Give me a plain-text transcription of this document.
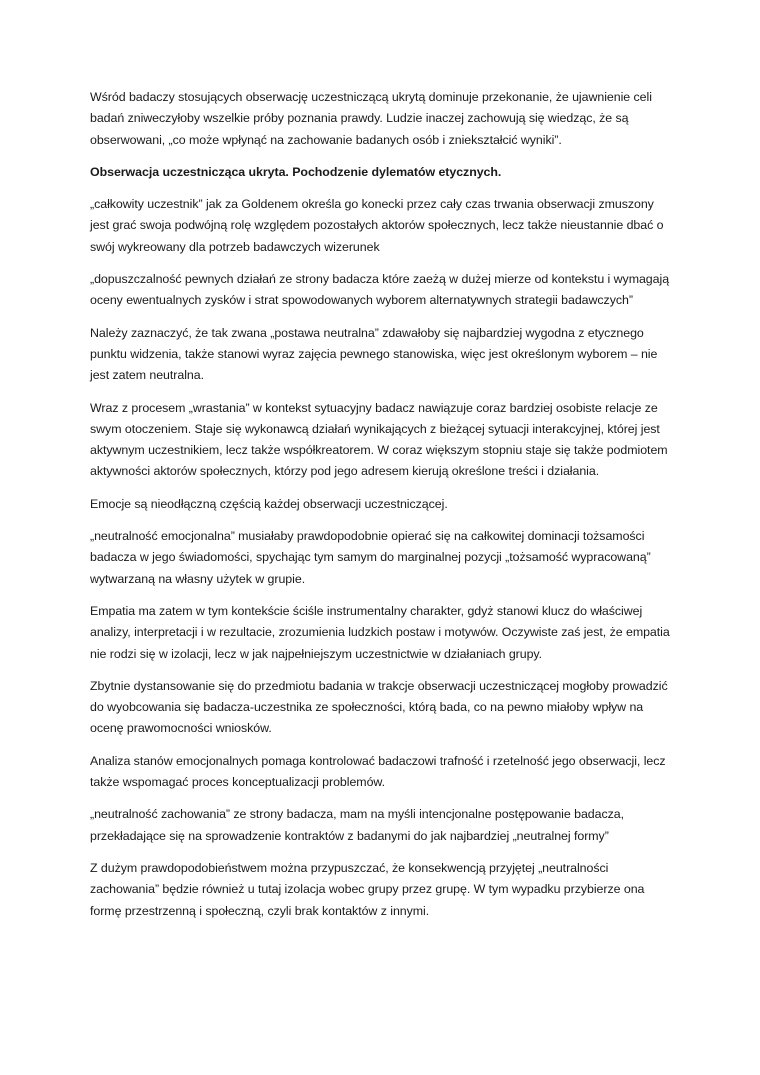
Wśród badaczy stosujących obserwację uczestniczącą ukrytą dominuje przekonanie, że ujawnienie celi badań zniweczyłoby wszelkie próby poznania prawdy. Ludzie inaczej zachowują się wiedząc, że są obserwowani, „co może wpłynąć na zachowanie badanych osób i zniekształcić wyniki”.

Obserwacja uczestnicząca ukryta. Pochodzenie dylematów etycznych.

„całkowity uczestnik” jak za Goldenem określa go konecki przez cały czas trwania obserwacji zmuszony jest grać swoja podwójną rolę względem pozostałych aktorów społecznych, lecz także nieustannie dbać o swój wykreowany dla potrzeb badawczych wizerunek

„dopuszczalność pewnych działań ze strony badacza które zaeżą w dużej mierze od kontekstu i wymagają oceny ewentualnych zysków i strat spowodowanych wyborem alternatywnych strategii badawczych”

Należy zaznaczyć, że tak zwana „postawa neutralna” zdawałoby się najbardziej wygodna z etycznego punktu widzenia, także stanowi wyraz zajęcia pewnego stanowiska, więc jest określonym wyborem – nie jest zatem neutralna.

Wraz z procesem „wrastania” w kontekst sytuacyjny badacz nawiązuje coraz bardziej osobiste relacje ze swym otoczeniem. Staje się wykonawcą działań wynikających z bieżącej sytuacji interakcyjnej, której jest aktywnym uczestnikiem, lecz także współkreatorem. W coraz większym stopniu staje się także podmiotem aktywności aktorów społecznych, którzy pod jego adresem kierują określone treści i działania.

Emocje są nieodłączną częścią każdej obserwacji uczestniczącej.

„neutralność emocjonalna” musiałaby prawdopodobnie opierać się na całkowitej dominacji tożsamości badacza w jego świadomości, spychając tym samym do marginalnej pozycji „tożsamość wypracowaną” wytwarzaną na własny użytek w grupie.

Empatia ma zatem w tym kontekście ściśle instrumentalny charakter, gdyż stanowi klucz do właściwej analizy, interpretacji i w rezultacie, zrozumienia ludzkich postaw i motywów. Oczywiste zaś jest, że empatia nie rodzi się w izolacji, lecz w jak najpełniejszym uczestnictwie w działaniach grupy.

Zbytnie dystansowanie się do przedmiotu badania w trakcje obserwacji uczestniczącej mogłoby prowadzić do wyobcowania się badacza-uczestnika ze społeczności, którą bada, co na pewno miałoby wpływ na ocenę prawomocności wniosków.

Analiza stanów emocjonalnych pomaga kontrolować badaczowi trafność i rzetelność jego obserwacji, lecz także wspomagać proces konceptualizacji problemów.

„neutralność zachowania” ze strony badacza, mam na myśli intencjonalne postępowanie badacza, przekładające się na sprowadzenie kontraktów z badanymi do jak najbardziej „neutralnej formy”

Z dużym prawdopodobieństwem można przypuszczać, że konsekwencją przyjętej „neutralności zachowania” będzie również u tutaj izolacja wobec grupy przez grupę. W tym wypadku przybierze ona formę przestrzenną i społeczną, czyli brak kontaktów z innymi.
